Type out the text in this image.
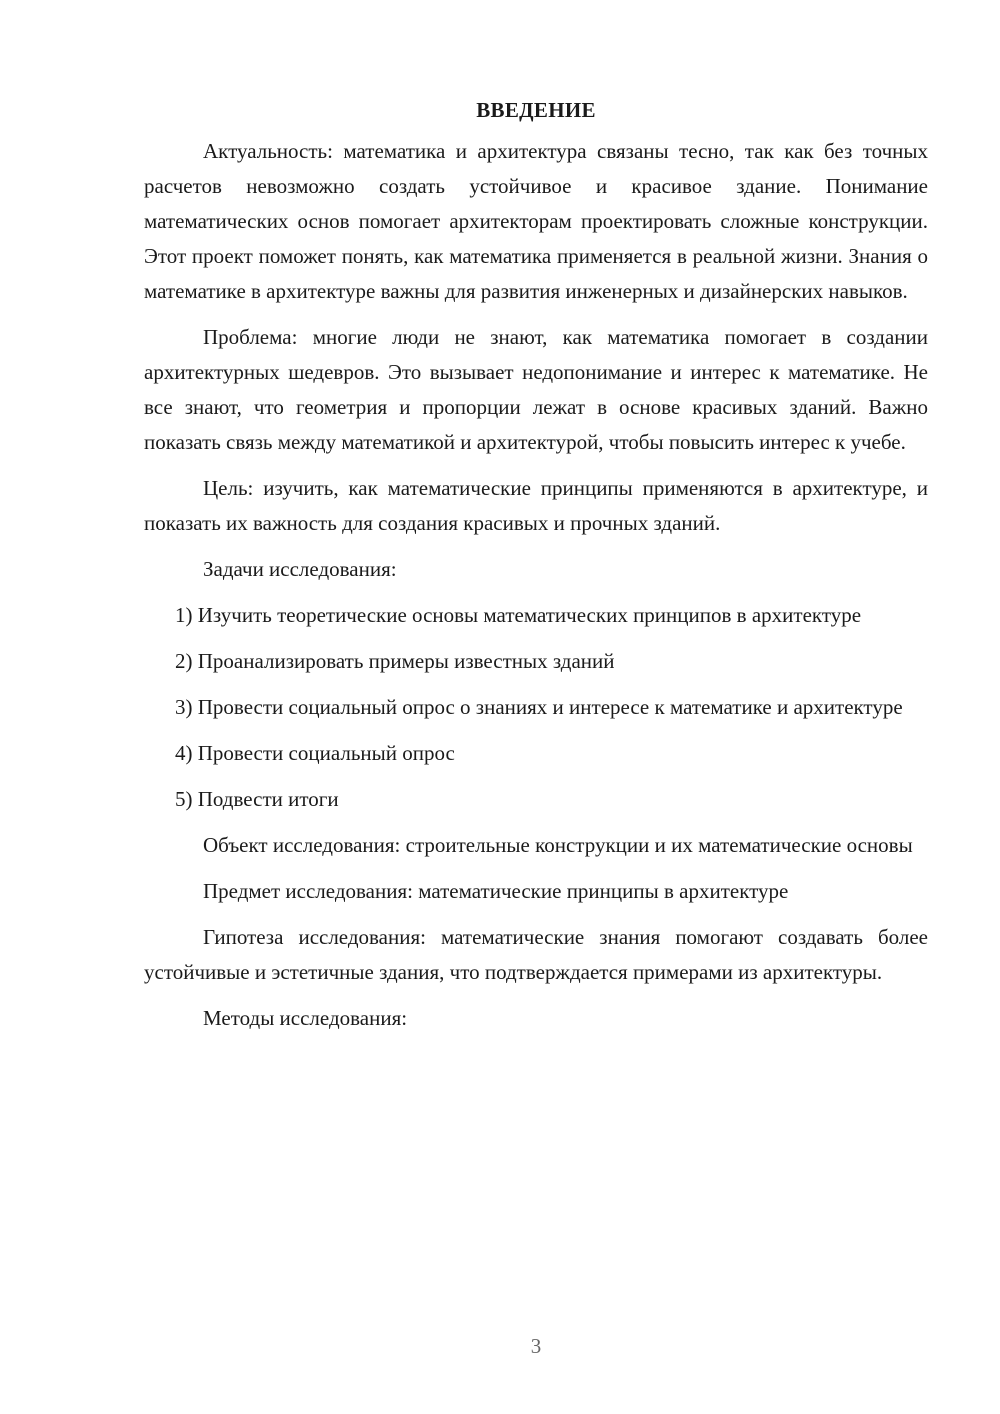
ВВЕДЕНИЕ

Актуальность: математика и архитектура связаны тесно, так как без точных расчетов невозможно создать устойчивое и красивое здание. Понимание математических основ помогает архитекторам проектировать сложные конструкции. Этот проект поможет понять, как математика применяется в реальной жизни. Знания о математике в архитектуре важны для развития инженерных и дизайнерских навыков.

Проблема: многие люди не знают, как математика помогает в создании архитектурных шедевров. Это вызывает недопонимание и интерес к математике. Не все знают, что геометрия и пропорции лежат в основе красивых зданий. Важно показать связь между математикой и архитектурой, чтобы повысить интерес к учебе.

Цель: изучить, как математические принципы применяются в архитектуре, и показать их важность для создания красивых и прочных зданий.

Задачи исследования:

1) Изучить теоретические основы математических принципов в архитектуре

2) Проанализировать примеры известных зданий

3) Провести социальный опрос о знаниях и интересе к математике и архитектуре

4) Провести социальный опрос

5) Подвести итоги

Объект исследования: строительные конструкции и их математические основы

Предмет исследования: математические принципы в архитектуре

Гипотеза исследования: математические знания помогают создавать более устойчивые и эстетичные здания, что подтверждается примерами из архитектуры.

Методы исследования:

3
